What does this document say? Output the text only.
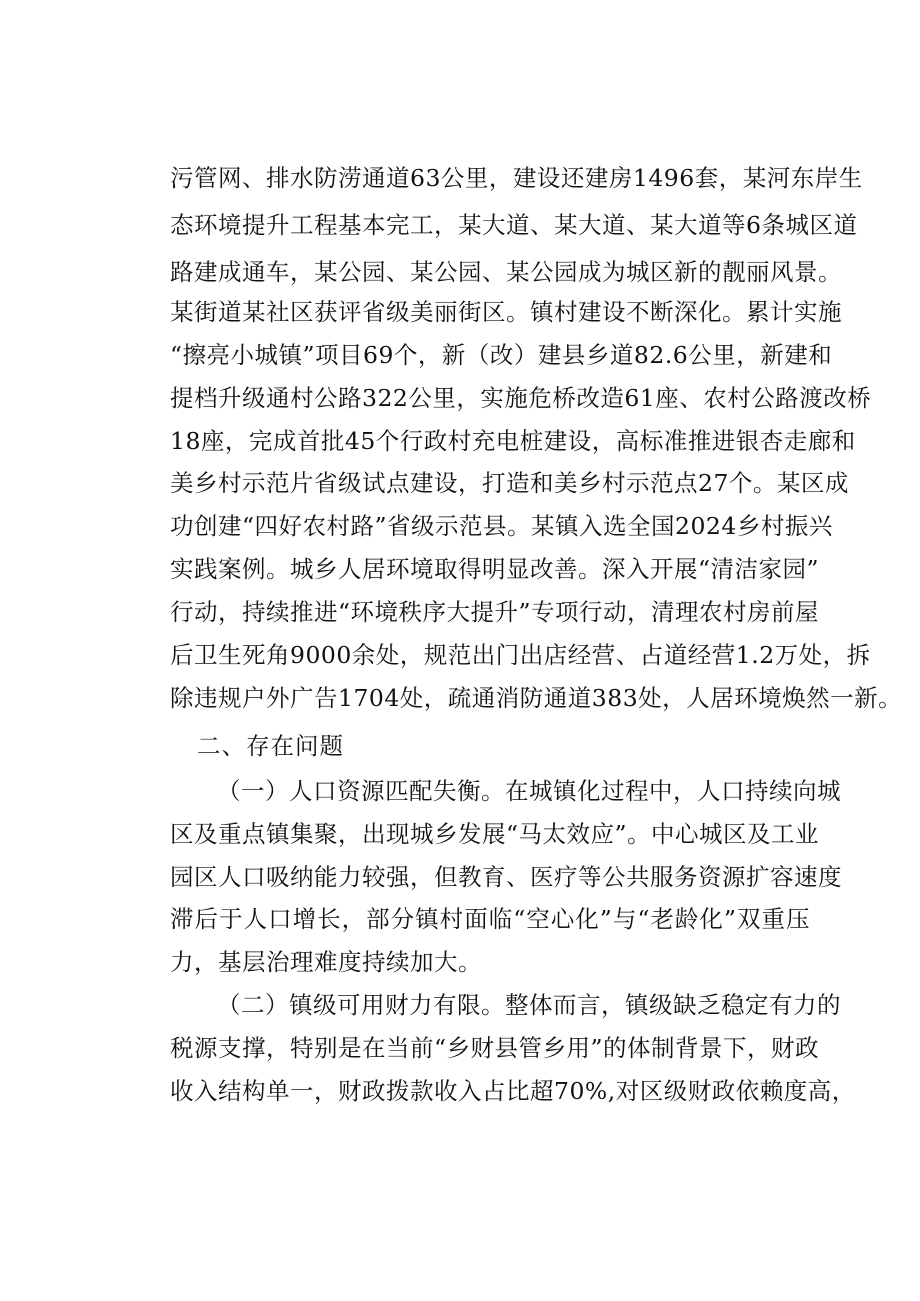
污管网、排水防涝通道63公里，建设还建房1496套，某河东岸生
态环境提升工程基本完工，某大道、某大道、某大道等6条城区道
路建成通车，某公园、某公园、某公园成为城区新的靓丽风景。
某街道某社区获评省级美丽街区。镇村建设不断深化。累计实施
“擦亮小城镇”项目69个，新（改）建县乡道82.6公里，新建和
提档升级通村公路322公里，实施危桥改造61座、农村公路渡改桥
18座，完成首批45个行政村充电桩建设，高标准推进银杏走廊和
美乡村示范片省级试点建设，打造和美乡村示范点27个。某区成
功创建“四好农村路”省级示范县。某镇入选全国2024乡村振兴
实践案例。城乡人居环境取得明显改善。深入开展“清洁家园”
行动，持续推进“环境秩序大提升”专项行动，清理农村房前屋
后卫生死角9000余处，规范出门出店经营、占道经营1.2万处，拆
除违规户外广告1704处，疏通消防通道383处，人居环境焕然一新。
二、存在问题
（一）人口资源匹配失衡。在城镇化过程中，人口持续向城
区及重点镇集聚，出现城乡发展“马太效应”。中心城区及工业
园区人口吸纳能力较强，但教育、医疗等公共服务资源扩容速度
滞后于人口增长，部分镇村面临“空心化”与“老龄化”双重压
力，基层治理难度持续加大。
（二）镇级可用财力有限。整体而言，镇级缺乏稳定有力的
税源支撑，特别是在当前“乡财县管乡用”的体制背景下，财政
收入结构单一，财政拨款收入占比超70%,对区级财政依赖度高，
